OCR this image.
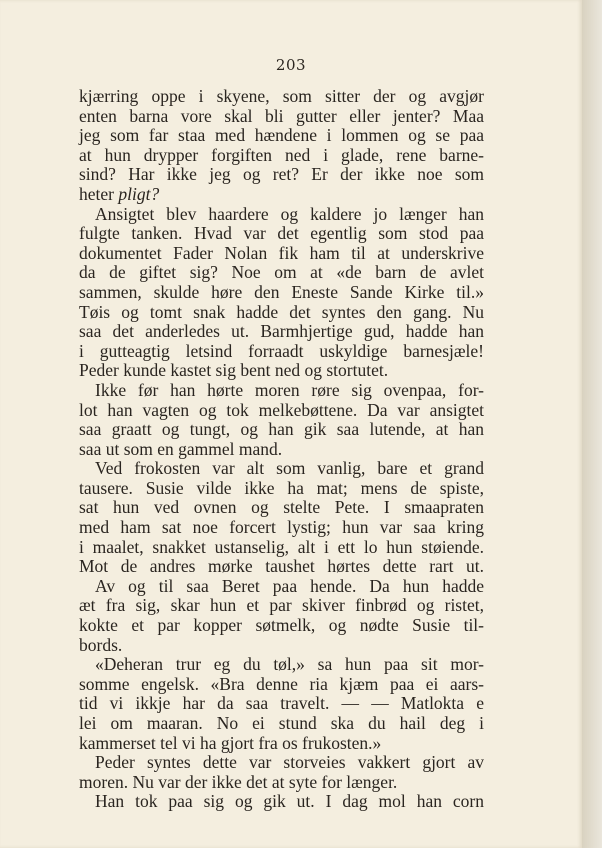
203

kjærring oppe i skyene, som sitter der og avgjør
enten barna vore skal bli gutter eller jenter? Maa
jeg som far staa med hændene i lommen og se paa
at hun drypper forgiften ned i glade, rene barne-
sind? Har ikke jeg og ret? Er der ikke noe som
heter pligt?

Ansigtet blev haardere og kaldere jo længer han
fulgte tanken. Hvad var det egentlig som stod paa
dokumentet Fader Nolan fik ham til at underskrive
da de giftet sig? Noe om at «de barn de avlet
sammen, skulde høre den Eneste Sande Kirke til.»
Tøis og tomt snak hadde det syntes den gang. Nu
saa det anderledes ut. Barmhjertige gud, hadde han
i gutteagtig letsind forraadt uskyldige barnesjæle!
Peder kunde kastet sig bent ned og stortutet.

Ikke før han hørte moren røre sig ovenpaa, for-
lot han vagten og tok melkebøttene. Da var ansigtet
saa graatt og tungt, og han gik saa lutende, at han
saa ut som en gammel mand.

Ved frokosten var alt som vanlig, bare et grand
tausere. Susie vilde ikke ha mat; mens de spiste,
sat hun ved ovnen og stelte Pete. I smaapraten
med ham sat noe forcert lystig; hun var saa kring
i maalet, snakket ustanselig, alt i ett lo hun støiende.
Mot de andres mørke taushet hørtes dette rart ut.

Av og til saa Beret paa hende. Da hun hadde
æt fra sig, skar hun et par skiver finbrød og ristet,
kokte et par kopper søtmelk, og nødte Susie til-
bords.

«Deheran trur eg du tøl,» sa hun paa sit mor-
somme engelsk. «Bra denne ria kjæm paa ei aars-
tid vi ikkje har da saa travelt. — — Matlokta e
lei om maaran. No ei stund ska du hail deg i
kammerset tel vi ha gjort fra os frukosten.»

Peder syntes dette var storveies vakkert gjort av
moren. Nu var der ikke det at syte for længer.

Han tok paa sig og gik ut. I dag mol han corn
